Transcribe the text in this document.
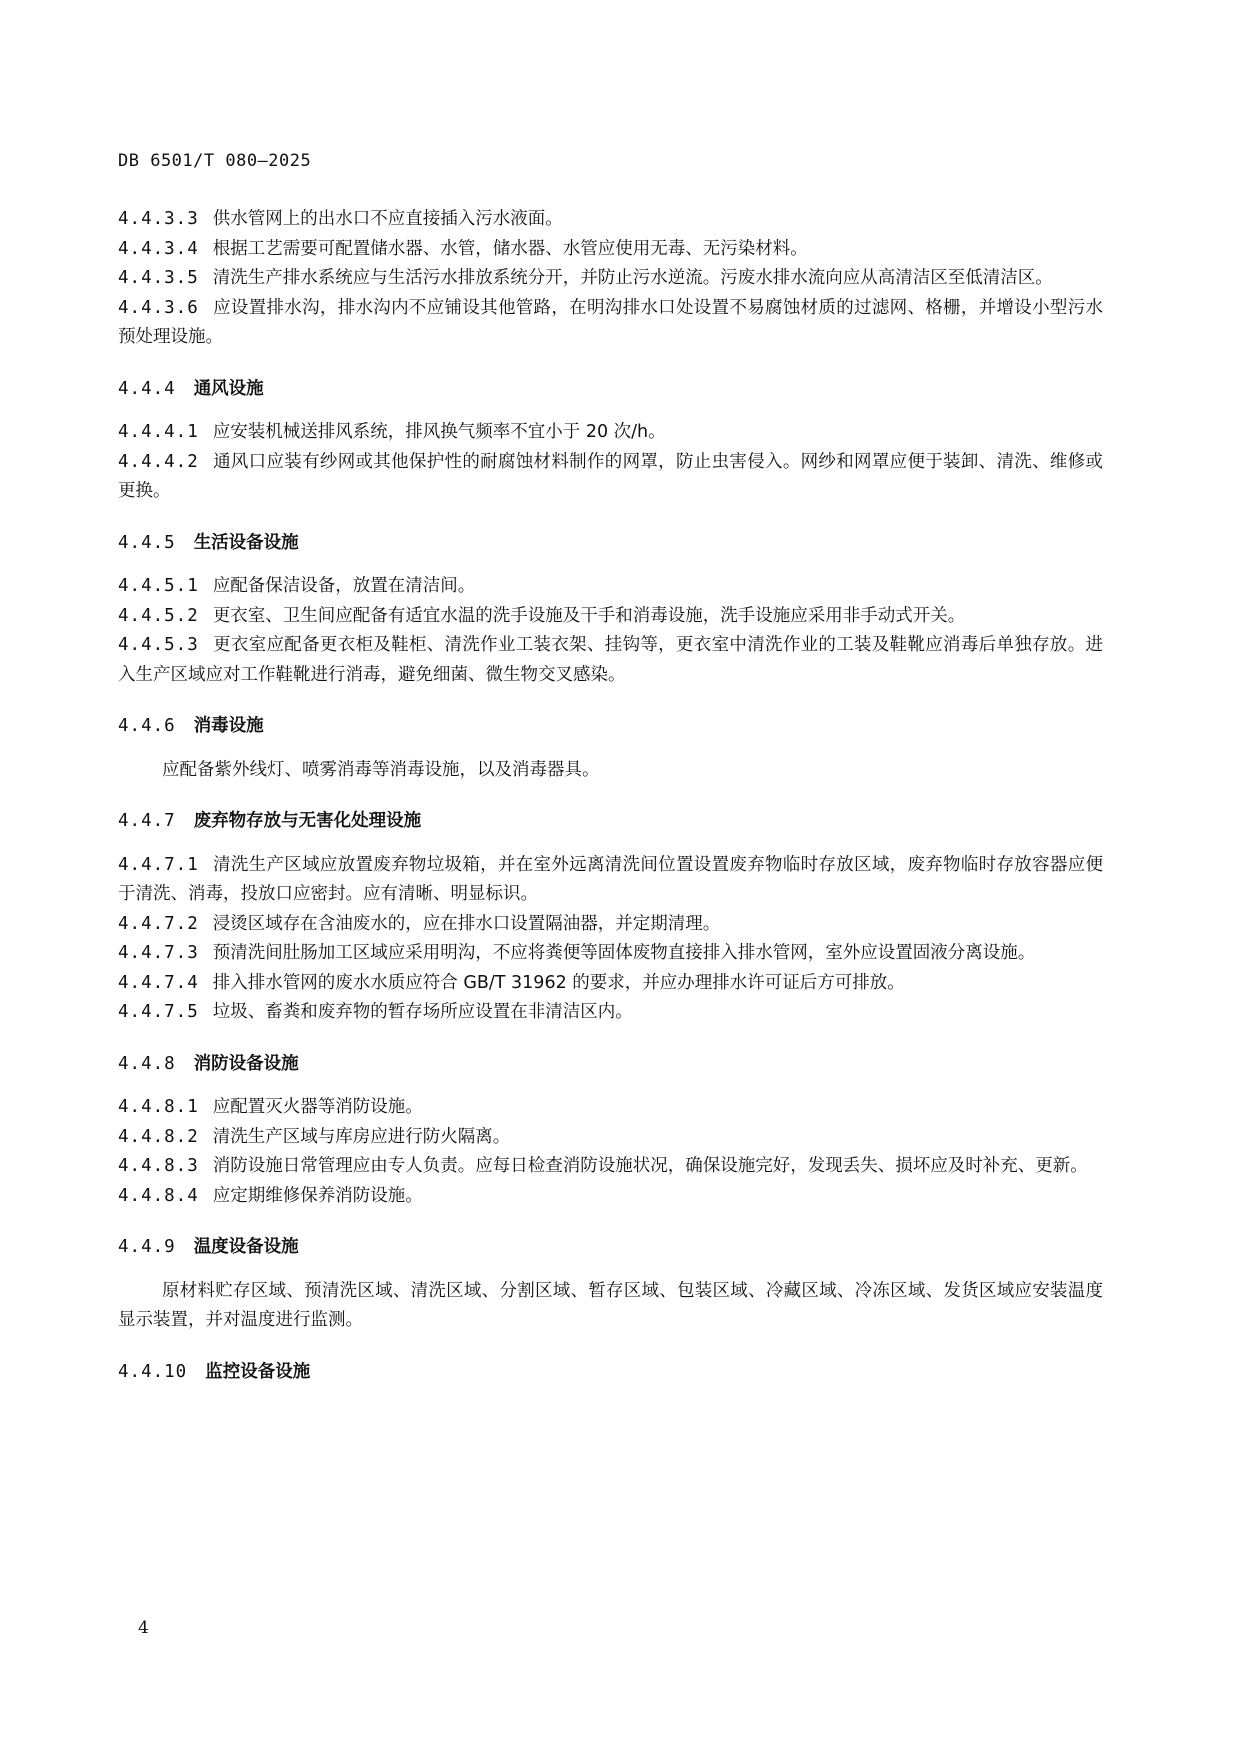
DB 6501/T 080—2025
4.4.3.3 供水管网上的出水口不应直接插入污水液面。
4.4.3.4 根据工艺需要可配置储水器、水管，储水器、水管应使用无毒、无污染材料。
4.4.3.5 清洗生产排水系统应与生活污水排放系统分开，并防止污水逆流。污废水排水流向应从高清洁区至低清洁区。
4.4.3.6 应设置排水沟，排水沟内不应铺设其他管路，在明沟排水口处设置不易腐蚀材质的过滤网、格栅，并增设小型污水预处理设施。
4.4.4 通风设施
4.4.4.1 应安装机械送排风系统，排风换气频率不宜小于 20 次/h。
4.4.4.2 通风口应装有纱网或其他保护性的耐腐蚀材料制作的网罩，防止虫害侵入。网纱和网罩应便于装卸、清洗、维修或更换。
4.4.5 生活设备设施
4.4.5.1 应配备保洁设备，放置在清洁间。
4.4.5.2 更衣室、卫生间应配备有适宜水温的洗手设施及干手和消毒设施，洗手设施应采用非手动式开关。
4.4.5.3 更衣室应配备更衣柜及鞋柜、清洗作业工装衣架、挂钩等，更衣室中清洗作业的工装及鞋靴应消毒后单独存放。进入生产区域应对工作鞋靴进行消毒，避免细菌、微生物交叉感染。
4.4.6 消毒设施
应配备紫外线灯、喷雾消毒等消毒设施，以及消毒器具。
4.4.7 废弃物存放与无害化处理设施
4.4.7.1 清洗生产区域应放置废弃物垃圾箱，并在室外远离清洗间位置设置废弃物临时存放区域，废弃物临时存放容器应便于清洗、消毒，投放口应密封。应有清晰、明显标识。
4.4.7.2 浸烫区域存在含油废水的，应在排水口设置隔油器，并定期清理。
4.4.7.3 预清洗间肚肠加工区域应采用明沟，不应将粪便等固体废物直接排入排水管网，室外应设置固液分离设施。
4.4.7.4 排入排水管网的废水水质应符合 GB/T 31962 的要求，并应办理排水许可证后方可排放。
4.4.7.5 垃圾、畜粪和废弃物的暂存场所应设置在非清洁区内。
4.4.8 消防设备设施
4.4.8.1 应配置灭火器等消防设施。
4.4.8.2 清洗生产区域与库房应进行防火隔离。
4.4.8.3 消防设施日常管理应由专人负责。应每日检查消防设施状况，确保设施完好，发现丢失、损坏应及时补充、更新。
4.4.8.4 应定期维修保养消防设施。
4.4.9 温度设备设施
原材料贮存区域、预清洗区域、清洗区域、分割区域、暂存区域、包装区域、冷藏区域、冷冻区域、发货区域应安装温度显示装置，并对温度进行监测。
4.4.10 监控设备设施
4
